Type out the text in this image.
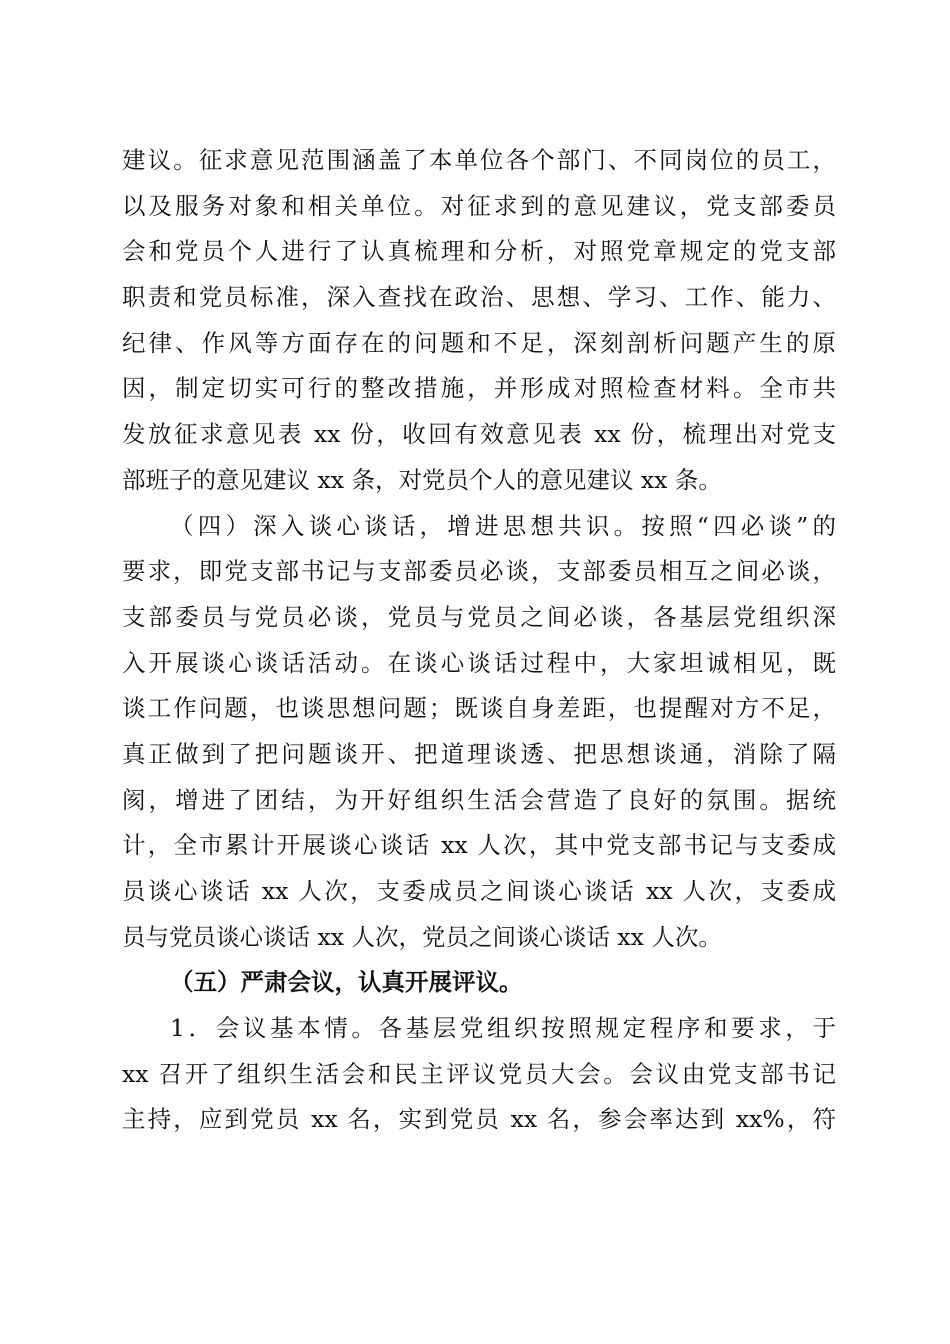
建议。征求意见范围涵盖了本单位各个部门、不同岗位的员工，
以及服务对象和相关单位。对征求到的意见建议，党支部委员
会和党员个人进行了认真梳理和分析，对照党章规定的党支部
职责和党员标准，深入查找在政治、思想、学习、工作、能力、
纪律、作风等方面存在的问题和不足，深刻剖析问题产生的原
因，制定切实可行的整改措施，并形成对照检查材料。全市共
发放征求意见表 xx 份，收回有效意见表 xx 份，梳理出对党支
部班子的意见建议 xx 条，对党员个人的意见建议 xx 条。
（四）深入谈心谈话，增进思想共识。按照“四必谈”的
要求，即党支部书记与支部委员必谈，支部委员相互之间必谈，
支部委员与党员必谈，党员与党员之间必谈，各基层党组织深
入开展谈心谈话活动。在谈心谈话过程中，大家坦诚相见，既
谈工作问题，也谈思想问题；既谈自身差距，也提醒对方不足，
真正做到了把问题谈开、把道理谈透、把思想谈通，消除了隔
阂，增进了团结，为开好组织生活会营造了良好的氛围。据统
计，全市累计开展谈心谈话 xx 人次，其中党支部书记与支委成
员谈心谈话 xx 人次，支委成员之间谈心谈话 xx 人次，支委成
员与党员谈心谈话 xx 人次，党员之间谈心谈话 xx 人次。
（五）严肃会议，认真开展评议。
1．会议基本情。各基层党组织按照规定程序和要求，于
xx 召开了组织生活会和民主评议党员大会。会议由党支部书记
主持，应到党员 xx 名，实到党员 xx 名，参会率达到 xx%，符
